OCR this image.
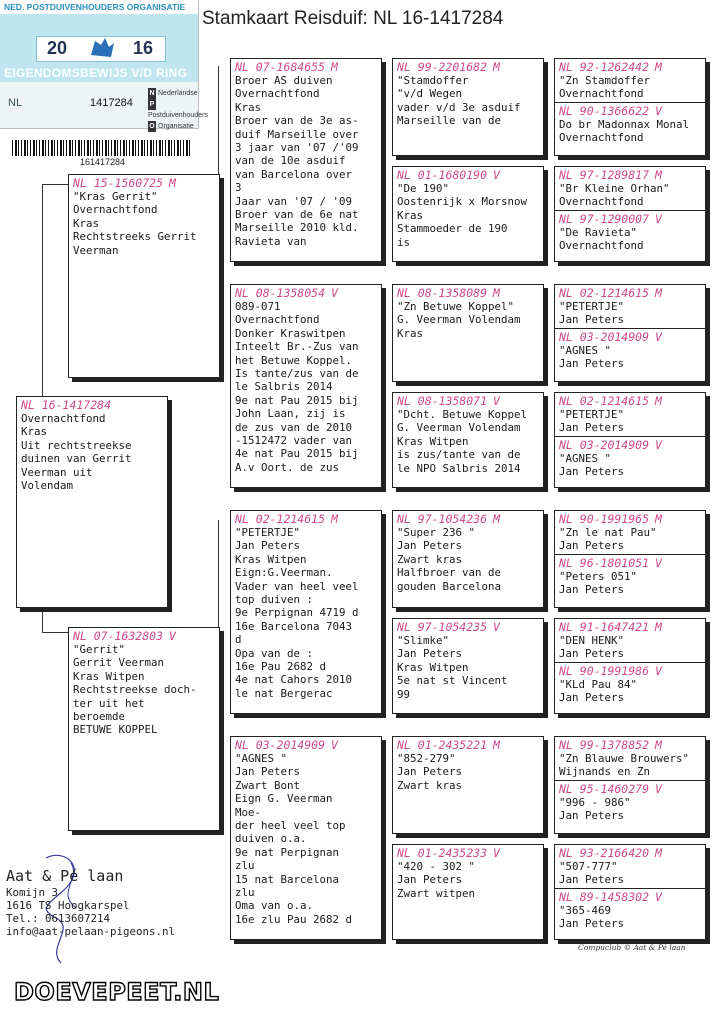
Stamkaart Reisduif: NL 16-1417284
NED. POSTDUIVENHOUDERS ORGANISATIE
20	16
EIGENDOMSBEWIJS V/D RING
NL	1417284
N Nederlandse
PPostduivenhouders
O Organisatie
161417284
NL 16-1417284
Overnachtfond
Kras
Uit rechtstreekse
duinen van Gerrit
Veerman uit
Volendam
NL 15-1560725 M
"Kras Gerrit"
Overnachtfond
Kras
Rechtstreeks Gerrit
Veerman
NL 07-1632803 V
"Gerrit"
Gerrit Veerman
Kras Witpen
Rechtstreekse doch-
ter uit het
beroemde
BETUWE KOPPEL
NL 07-1684655 M
Broer AS duiven
Overnachtfond
Kras
Broer van de 3e as-
duif Marseille over
3 jaar van '07 /'09
van de 10e asduif
van Barcelona over
3
Jaar van '07 / '09
Broer van de 6e nat
Marseille 2010 kld.
Ravieta van
NL 08-1358054 V
089-071
Overnachtfond
Donker Kraswitpen
Inteelt Br.-Zus van
het Betuwe Koppel.
Is tante/zus van de
le Salbris 2014
9e nat Pau 2015 bij
John Laan, zij is
de zus van de 2010
-1512472 vader van
4e nat Pau 2015 bij
A.v Oort. de zus
NL 02-1214615 M
"PETERTJE"
Jan Peters
Kras Witpen
Eign:G.Veerman.
Vader van heel veel
top duiven :
9e Perpignan 4719 d
16e Barcelona 7043
d
Opa van de :
16e Pau 2682 d
4e nat Cahors 2010
le nat Bergerac
NL 03-2014909 V
"AGNES "
Jan Peters
Zwart Bont
Eign G. Veerman
Moe-
der heel veel top
duiven o.a.
9e nat Perpignan
zlu
15 nat Barcelona
zlu
Oma van o.a.
16e zlu Pau 2682 d
NL 99-2201682 M
"Stamdoffer
"v/d Wegen
vader v/d 3e asduif
Marseille van de
NL 01-1680190 V
"De 190"
Oostenrijk x Morsnow
Kras
Stammoeder de 190
is
NL 08-1358089 M
"Zn Betuwe Koppel"
G. Veerman Volendam
Kras
NL 08-1358071 V
"Dcht. Betuwe Koppel
G. Veerman Volendam
Kras Witpen
is zus/tante van de
le NPO Salbris 2014
NL 97-1054236 M
"Super 236 "
Jan Peters
Zwart kras
Halfbroer van de
gouden Barcelona
NL 97-1054235 V
"Slimke"
Jan Peters
Kras Witpen
5e nat st Vincent
99
NL 01-2435221 M
"852-279"
Jan Peters
Zwart kras
NL 01-2435233 V
"420 - 302 "
Jan Peters
Zwart witpen
NL 92-1262442 M
"Zn Stamdoffer
Overnachtfond
NL 90-1366622 V
Do br Madonnax Monal
Overnachtfond
NL 97-1289817 M
"Br Kleine Orhan"
Overnachtfond
NL 97-1290007 V
"De Ravieta"
Overnachtfond
NL 02-1214615 M
"PETERTJE"
Jan Peters
NL 03-2014909 V
"AGNES "
Jan Peters
NL 02-1214615 M
"PETERTJE"
Jan Peters
NL 03-2014909 V
"AGNES "
Jan Peters
NL 90-1991965 M
"Zn le nat Pau"
Jan Peters
NL 96-1801051 V
"Peters 051"
Jan Peters
NL 91-1647421 M
"DEN HENK"
Jan Peters
NL 90-1991986 V
"KLd Pau 84"
Jan Peters
NL 99-1378852 M
"Zn Blauwe Brouwers"
Wijnands en Zn
NL 95-1460279 V
"996 - 986"
Jan Peters
NL 93-2166420 M
"507-777"
Jan Peters
NL 89-1458302 V
"365-469
Jan Peters
Aat & Pé laan
Komijn 3
1616 TS Hoogkarspel
Tel.: 0613607214
info@aat-pelaan-pigeons.nl
Compuclub © Aat & Pé laan
DOEVEPEET.NL
